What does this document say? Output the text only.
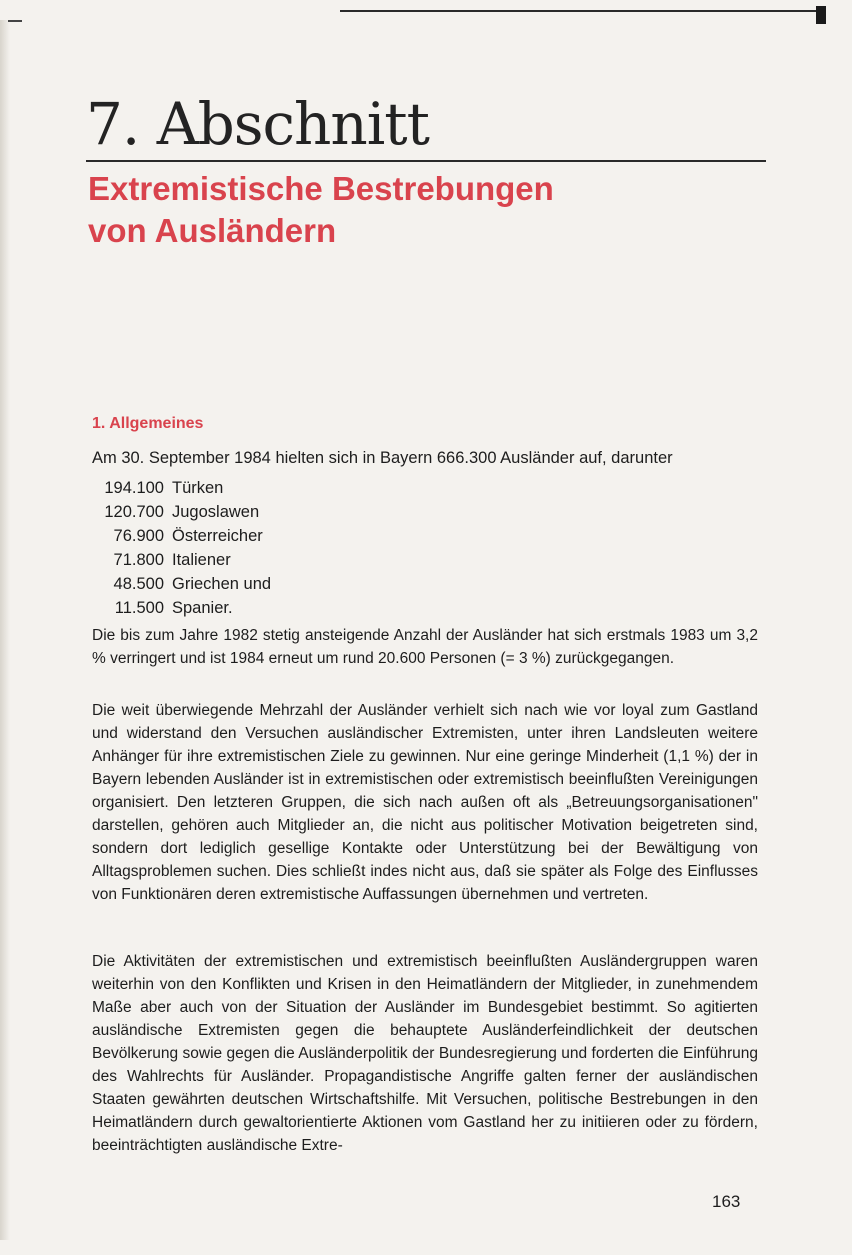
7. Abschnitt
Extremistische Bestrebungen
von Ausländern
1. Allgemeines

Am 30. September 1984 hielten sich in Bayern 666.300 Ausländer auf, darunter

194.100 Türken
120.700 Jugoslawen
76.900 Österreicher
71.800 Italiener
48.500 Griechen und
11.500 Spanier.

Die bis zum Jahre 1982 stetig ansteigende Anzahl der Ausländer hat sich erstmals 1983 um 3,2 % verringert und ist 1984 erneut um rund 20.600 Personen (= 3 %) zurückgegangen.

Die weit überwiegende Mehrzahl der Ausländer verhielt sich nach wie vor loyal zum Gastland und widerstand den Versuchen ausländischer Extremisten, unter ihren Landsleuten weitere Anhänger für ihre extremistischen Ziele zu gewinnen. Nur eine geringe Minderheit (1,1 %) der in Bayern lebenden Ausländer ist in extremistischen oder extremistisch beeinflußten Vereinigungen organisiert. Den letzteren Gruppen, die sich nach außen oft als „Betreuungsorganisationen" darstellen, gehören auch Mitglieder an, die nicht aus politischer Motivation beigetreten sind, sondern dort lediglich gesellige Kontakte oder Unterstützung bei der Bewältigung von Alltagsproblemen suchen. Dies schließt indes nicht aus, daß sie später als Folge des Einflusses von Funktionären deren extremistische Auffassungen übernehmen und vertreten.

Die Aktivitäten der extremistischen und extremistisch beeinflußten Ausländergruppen waren weiterhin von den Konflikten und Krisen in den Heimatländern der Mitglieder, in zunehmendem Maße aber auch von der Situation der Ausländer im Bundesgebiet bestimmt. So agitierten ausländische Extremisten gegen die behauptete Ausländerfeindlichkeit der deutschen Bevölkerung sowie gegen die Ausländerpolitik der Bundesregierung und forderten die Einführung des Wahlrechts für Ausländer. Propagandistische Angriffe galten ferner der ausländischen Staaten gewährten deutschen Wirtschaftshilfe. Mit Versuchen, politische Bestrebungen in den Heimatländern durch gewaltorientierte Aktionen vom Gastland her zu initiieren oder zu fördern, beeinträchtigten ausländische Extre-

163
